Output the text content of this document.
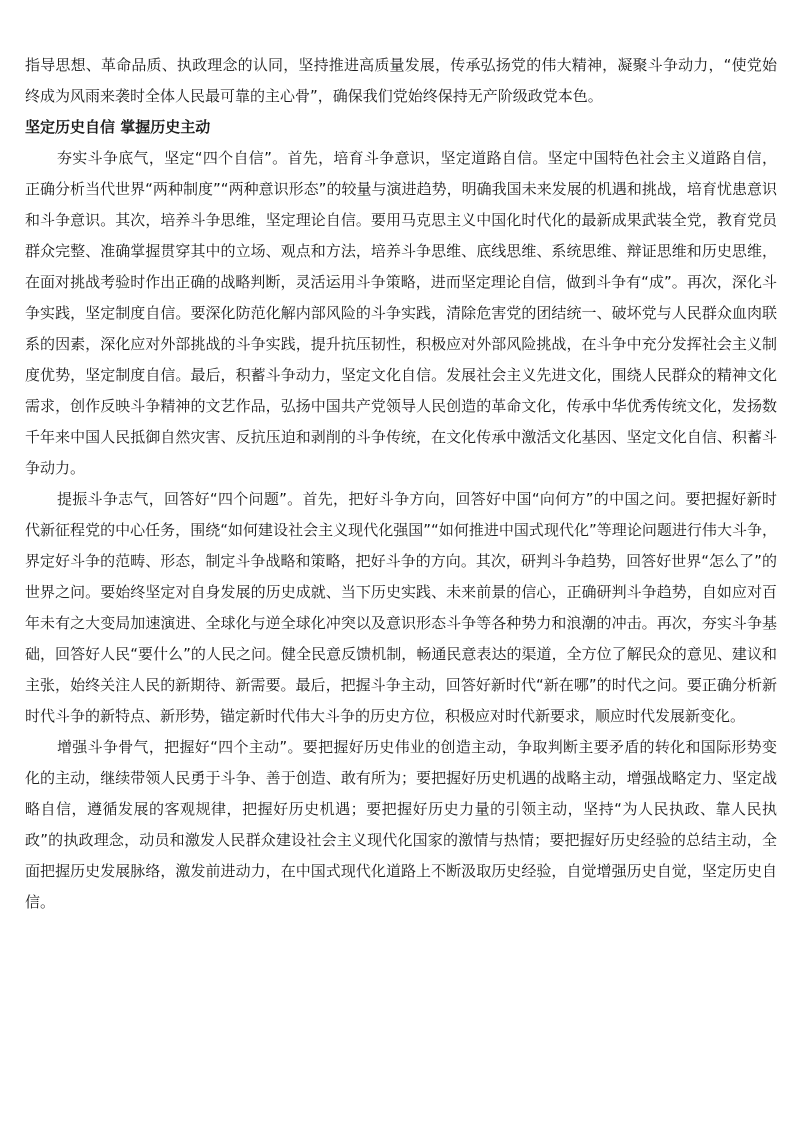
指导思想、革命品质、执政理念的认同，坚持推进高质量发展，传承弘扬党的伟大精神，凝聚斗争动力，“使党始终成为风雨来袭时全体人民最可靠的主心骨”，确保我们党始终保持无产阶级政党本色。

坚定历史自信 掌握历史主动

夯实斗争底气，坚定“四个自信”。首先，培育斗争意识，坚定道路自信。坚定中国特色社会主义道路自信，正确分析当代世界“两种制度”“两种意识形态”的较量与演进趋势，明确我国未来发展的机遇和挑战，培育忧患意识和斗争意识。其次，培养斗争思维，坚定理论自信。要用马克思主义中国化时代化的最新成果武装全党，教育党员群众完整、准确掌握贯穿其中的立场、观点和方法，培养斗争思维、底线思维、系统思维、辩证思维和历史思维，在面对挑战考验时作出正确的战略判断，灵活运用斗争策略，进而坚定理论自信，做到斗争有“成”。再次，深化斗争实践，坚定制度自信。要深化防范化解内部风险的斗争实践，清除危害党的团结统一、破坏党与人民群众血肉联系的因素，深化应对外部挑战的斗争实践，提升抗压韧性，积极应对外部风险挑战，在斗争中充分发挥社会主义制度优势，坚定制度自信。最后，积蓄斗争动力，坚定文化自信。发展社会主义先进文化，围绕人民群众的精神文化需求，创作反映斗争精神的文艺作品，弘扬中国共产党领导人民创造的革命文化，传承中华优秀传统文化，发扬数千年来中国人民抵御自然灾害、反抗压迫和剥削的斗争传统，在文化传承中激活文化基因、坚定文化自信、积蓄斗争动力。

提振斗争志气，回答好“四个问题”。首先，把好斗争方向，回答好中国“向何方”的中国之问。要把握好新时代新征程党的中心任务，围绕“如何建设社会主义现代化强国”“如何推进中国式现代化”等理论问题进行伟大斗争，界定好斗争的范畴、形态，制定斗争战略和策略，把好斗争的方向。其次，研判斗争趋势，回答好世界“怎么了”的世界之问。要始终坚定对自身发展的历史成就、当下历史实践、未来前景的信心，正确研判斗争趋势，自如应对百年未有之大变局加速演进、全球化与逆全球化冲突以及意识形态斗争等各种势力和浪潮的冲击。再次，夯实斗争基础，回答好人民“要什么”的人民之问。健全民意反馈机制，畅通民意表达的渠道，全方位了解民众的意见、建议和主张，始终关注人民的新期待、新需要。最后，把握斗争主动，回答好新时代“新在哪”的时代之问。要正确分析新时代斗争的新特点、新形势，锚定新时代伟大斗争的历史方位，积极应对时代新要求，顺应时代发展新变化。

增强斗争骨气，把握好“四个主动”。要把握好历史伟业的创造主动，争取判断主要矛盾的转化和国际形势变化的主动，继续带领人民勇于斗争、善于创造、敢有所为；要把握好历史机遇的战略主动，增强战略定力、坚定战略自信，遵循发展的客观规律，把握好历史机遇；要把握好历史力量的引领主动，坚持“为人民执政、靠人民执政”的执政理念，动员和激发人民群众建设社会主义现代化国家的激情与热情；要把握好历史经验的总结主动，全面把握历史发展脉络，激发前进动力，在中国式现代化道路上不断汲取历史经验，自觉增强历史自觉，坚定历史自信。
